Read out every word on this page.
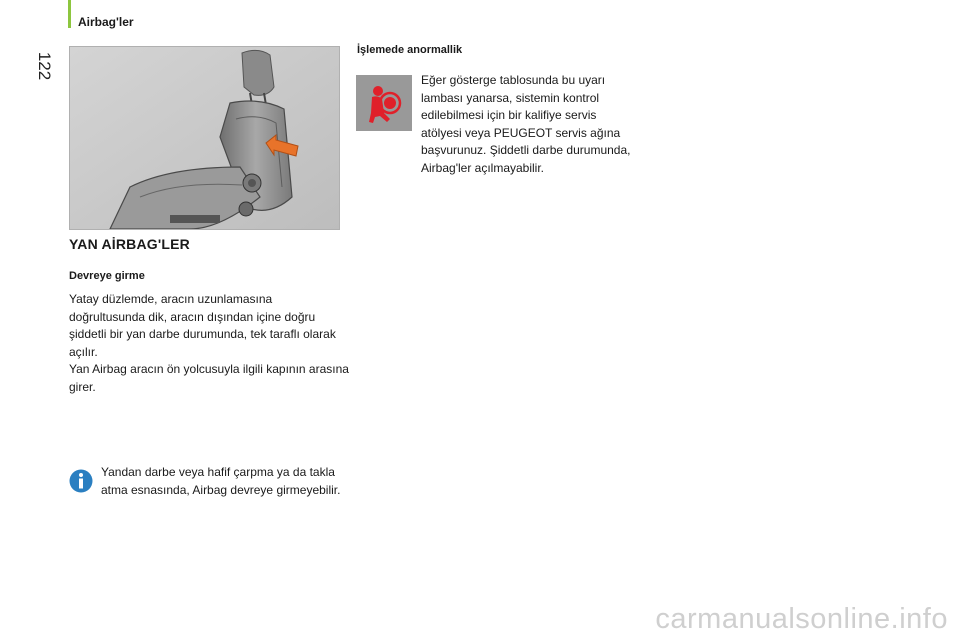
122
Airbag'ler
YAN AİRBAG'LER
Devreye girme

Yatay düzlemde, aracın uzunlamasına doğrultusunda dik, aracın dışından içine doğru şiddetli bir yan darbe durumunda, tek taraflı olarak açılır.

Yan Airbag aracın ön yolcusuyla ilgili kapının arasına girer.

Yandan darbe veya hafif çarpma ya da takla atma esnasında, Airbag devreye girmeyebilir.
İşlemede anormallik
Eğer gösterge tablosunda bu uyarı lambası yanarsa, sistemin kontrol edilebilmesi için bir kalifiye servis atölyesi veya PEUGEOT servis ağına başvurunuz. Şiddetli darbe durumunda, Airbag'ler açılmayabilir.
carmanualsonline.info
